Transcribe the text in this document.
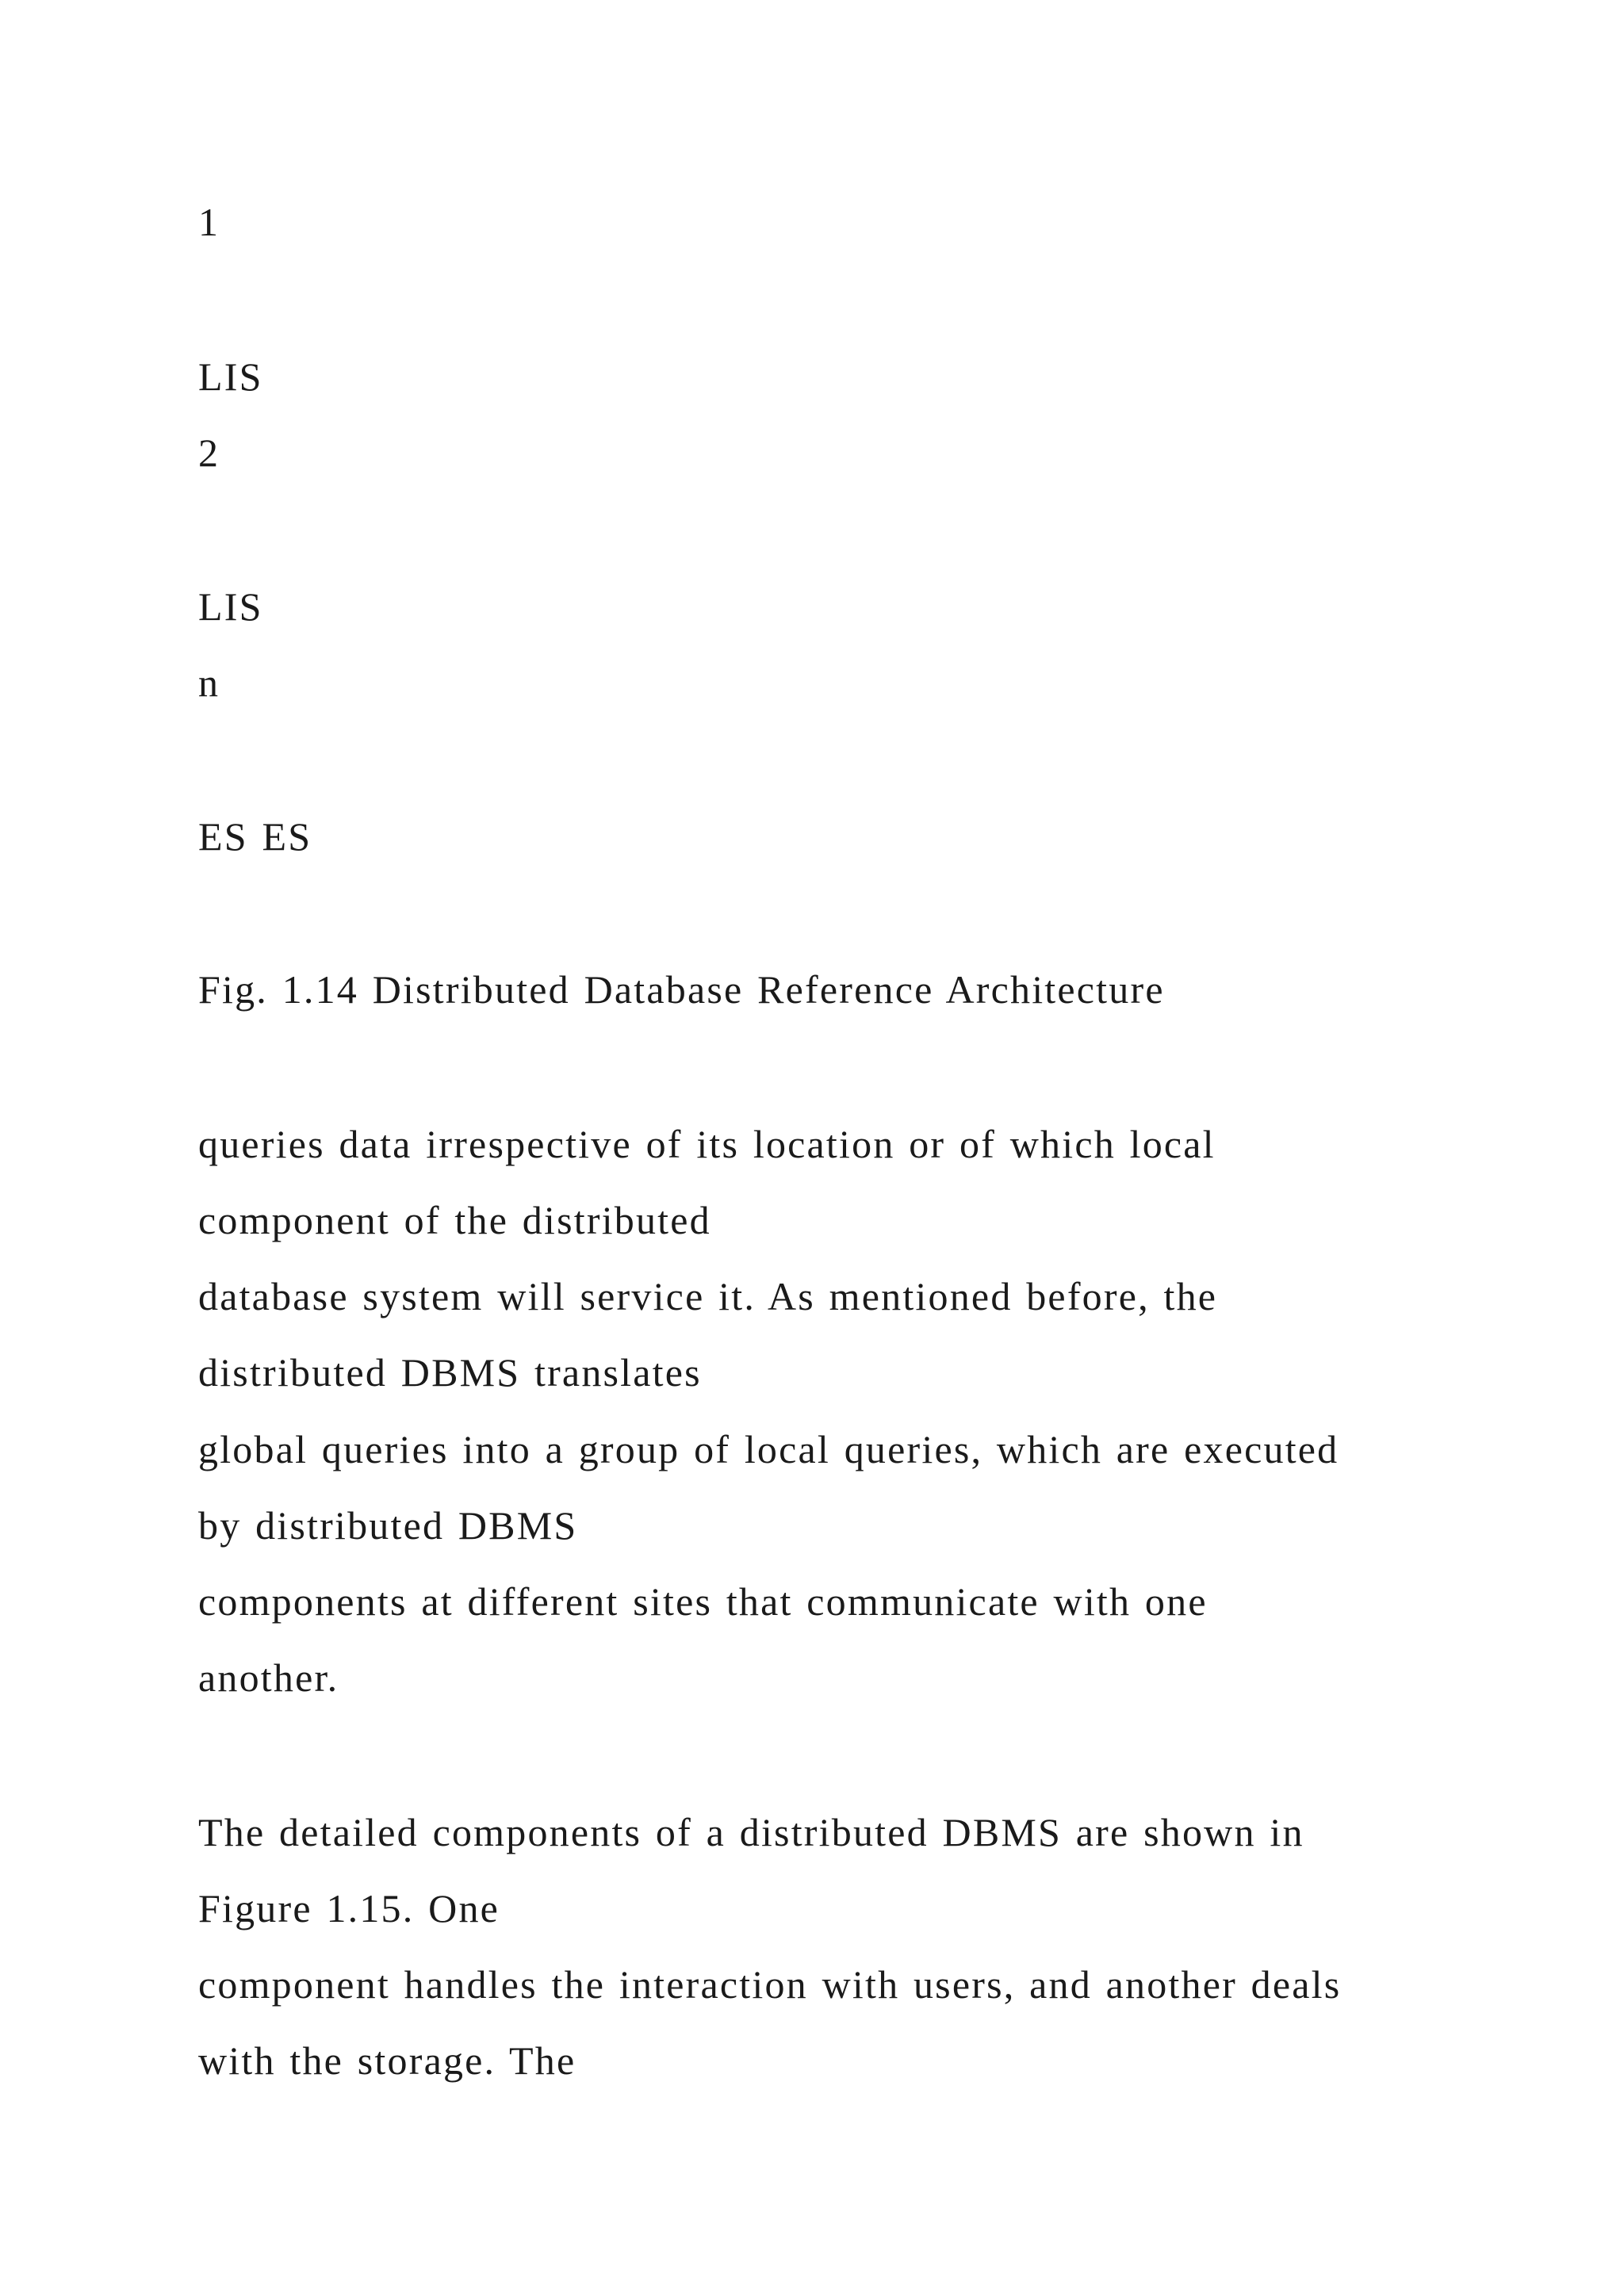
1

LIS

2

LIS

n

ES ES

Fig. 1.14 Distributed Database Reference Architecture

queries data irrespective of its location or of which local

component of the distributed

database system will service it. As mentioned before, the

distributed DBMS translates

global queries into a group of local queries, which are executed

by distributed DBMS

components at different sites that communicate with one

another.

The detailed components of a distributed DBMS are shown in

Figure 1.15. One

component handles the interaction with users, and another deals

with the storage. The
